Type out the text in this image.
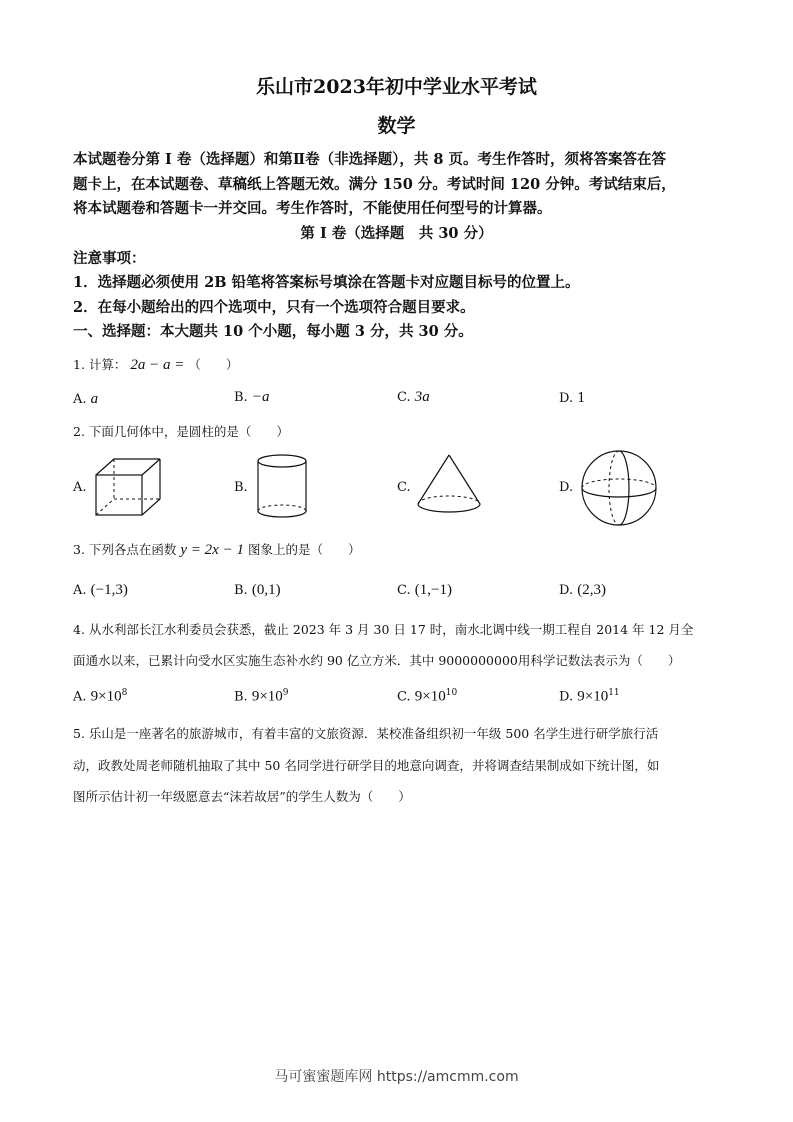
乐山市2023年初中学业水平考试
数学
本试题卷分第 I 卷（选择题）和第Ⅱ卷（非选择题），共 8 页。考生作答时，须将答案答在答
题卡上，在本试题卷、草稿纸上答题无效。满分 150 分。考试时间 120 分钟。考试结束后，
将本试题卷和答题卡一并交回。考生作答时，不能使用任何型号的计算器。
第 I 卷（选择题　共 30 分）
注意事项：
1．选择题必须使用 2B 铅笔将答案标号填涂在答题卡对应题目标号的位置上。
2．在每小题给出的四个选项中，只有一个选项符合题目要求。
一、选择题：本大题共 10 个小题，每小题 3 分，共 30 分。
1. 计算： 2a − a = （　　）
A. a	B. −a	C. 3a	D. 1
2. 下面几何体中，是圆柱的是（　　）
A.	B.	C.	D.
3. 下列各点在函数 y = 2x − 1 图象上的是（　　）
A. (−1,3)	B. (0,1)	C. (1,−1)	D. (2,3)
4. 从水利部长江水利委员会获悉，截止 2023 年 3 月 30 日 17 时，南水北调中线一期工程自 2014 年 12 月全
面通水以来，已累计向受水区实施生态补水约 90 亿立方米．其中 9000000000用科学记数法表示为（　　）
A. $9\times 10^8$	B. $9\times 10^9$	C. $9\times 10^{10}$	D. $9\times 10^{11}$
5. 乐山是一座著名的旅游城市，有着丰富的文旅资源．某校准备组织初一年级 500 名学生进行研学旅行活
动，政教处周老师随机抽取了其中 50 名同学进行研学目的地意向调查，并将调查结果制成如下统计图，如
图所示估计初一年级愿意去“沫若故居”的学生人数为（　　）
马可蜜蜜题库网 https://amcmm.com
